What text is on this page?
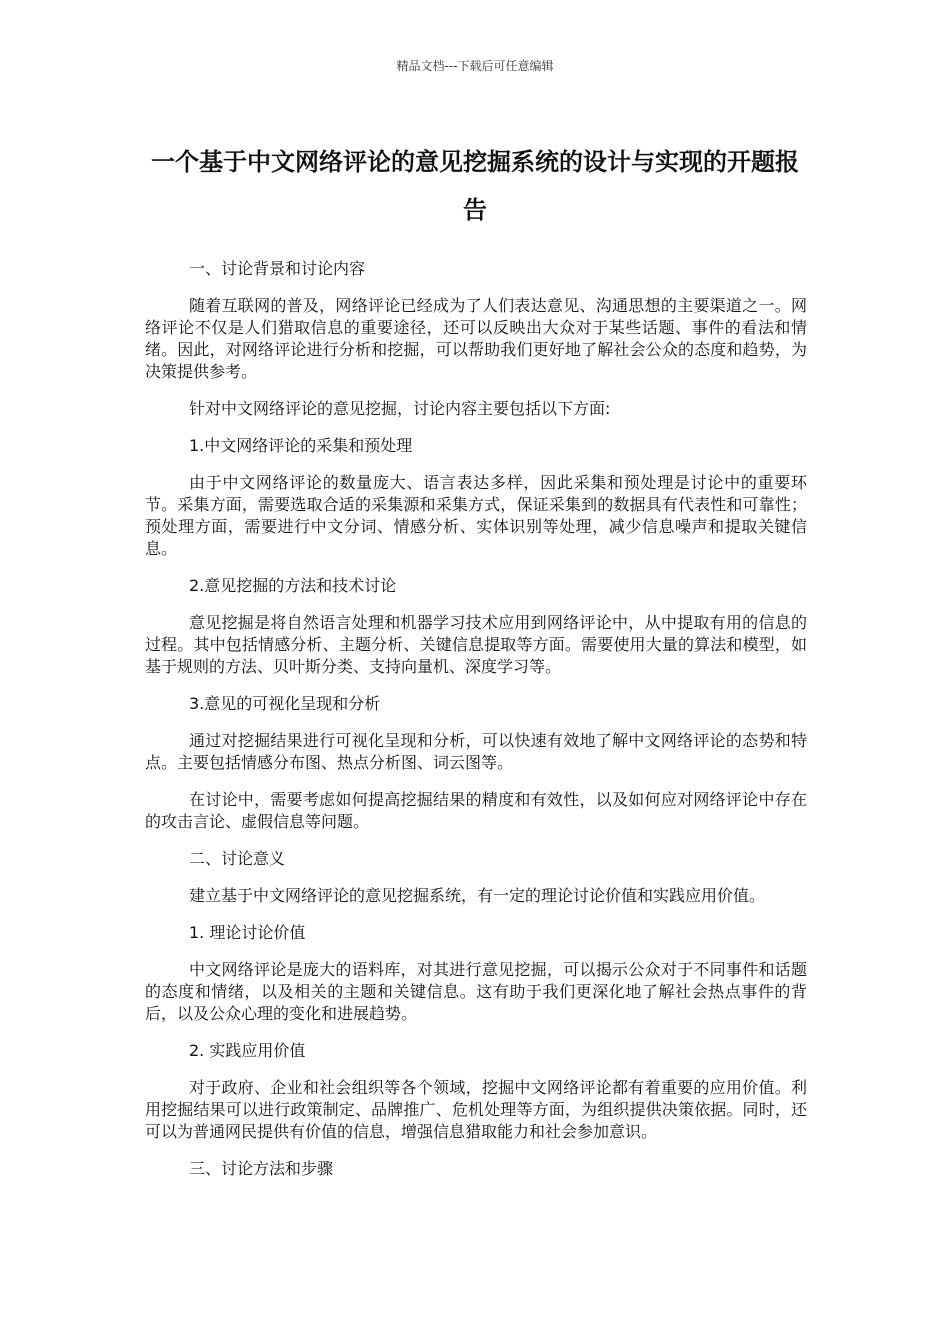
精品文档---下载后可任意编辑
一个基于中文网络评论的意见挖掘系统的设计与实现的开题报告

一、讨论背景和讨论内容

随着互联网的普及，网络评论已经成为了人们表达意见、沟通思想的主要渠道之一。网络评论不仅是人们猎取信息的重要途径，还可以反映出大众对于某些话题、事件的看法和情绪。因此，对网络评论进行分析和挖掘，可以帮助我们更好地了解社会公众的态度和趋势，为决策提供参考。

针对中文网络评论的意见挖掘，讨论内容主要包括以下方面:

1.中文网络评论的采集和预处理

由于中文网络评论的数量庞大、语言表达多样，因此采集和预处理是讨论中的重要环节。采集方面，需要选取合适的采集源和采集方式，保证采集到的数据具有代表性和可靠性；预处理方面，需要进行中文分词、情感分析、实体识别等处理，减少信息噪声和提取关键信息。

2.意见挖掘的方法和技术讨论

意见挖掘是将自然语言处理和机器学习技术应用到网络评论中，从中提取有用的信息的过程。其中包括情感分析、主题分析、关键信息提取等方面。需要使用大量的算法和模型，如基于规则的方法、贝叶斯分类、支持向量机、深度学习等。

3.意见的可视化呈现和分析

通过对挖掘结果进行可视化呈现和分析，可以快速有效地了解中文网络评论的态势和特点。主要包括情感分布图、热点分析图、词云图等。

在讨论中，需要考虑如何提高挖掘结果的精度和有效性，以及如何应对网络评论中存在的攻击言论、虚假信息等问题。

二、讨论意义

建立基于中文网络评论的意见挖掘系统，有一定的理论讨论价值和实践应用价值。

1. 理论讨论价值

中文网络评论是庞大的语料库，对其进行意见挖掘，可以揭示公众对于不同事件和话题的态度和情绪，以及相关的主题和关键信息。这有助于我们更深化地了解社会热点事件的背后，以及公众心理的变化和进展趋势。

2. 实践应用价值

对于政府、企业和社会组织等各个领域，挖掘中文网络评论都有着重要的应用价值。利用挖掘结果可以进行政策制定、品牌推广、危机处理等方面，为组织提供决策依据。同时，还可以为普通网民提供有价值的信息，增强信息猎取能力和社会参加意识。

三、讨论方法和步骤
